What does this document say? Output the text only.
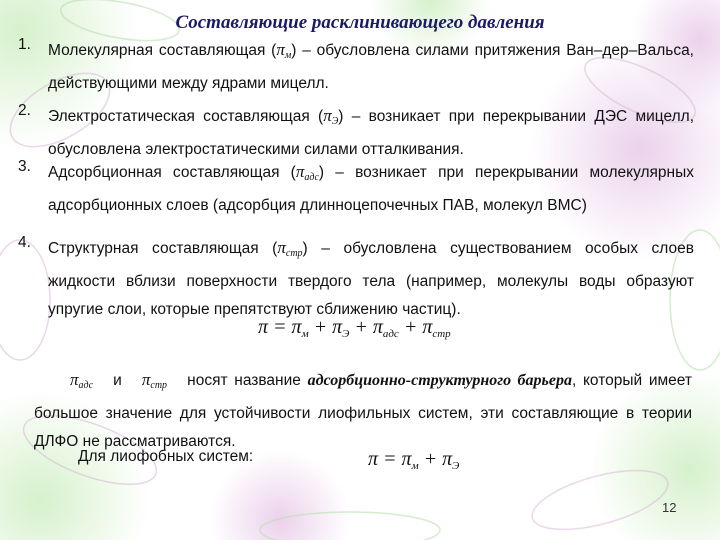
Составляющие расклинивающего давления
1.	Молекулярная составляющая $(\pi_м)$ – обусловлена силами притяжения Ван–дер–Вальса, действующими между ядрами мицелл.
2.	Электростатическая составляющая $(\pi_Э)$ – возникает при перекрывании ДЭС мицелл, обусловлена электростатическими силами отталкивания.
3.	Адсорбционная составляющая $(\pi_{адс})$ – возникает при перекрывании молекулярных адсорбционных слоев (адсорбция длинноцепочечных ПАВ, молекул ВМС)
4.	Структурная составляющая $(\pi_{стр})$ – обусловлена существованием особых слоев жидкости вблизи поверхности твердого тела (например, молекулы воды образуют упругие слои, которые препятствуют сближению частиц).
$\pi = \pi_м + \pi_Э + \pi_{адс} + \pi_{стр}$
$\pi_{адс}$ и $\pi_{стр}$ носят название адсорбционно-структурного барьера, который имеет большое значение для устойчивости лиофильных систем, эти составляющие в теории ДЛФО не рассматриваются.
Для лиофобных систем:	$\pi = \pi_м + \pi_Э$
12
